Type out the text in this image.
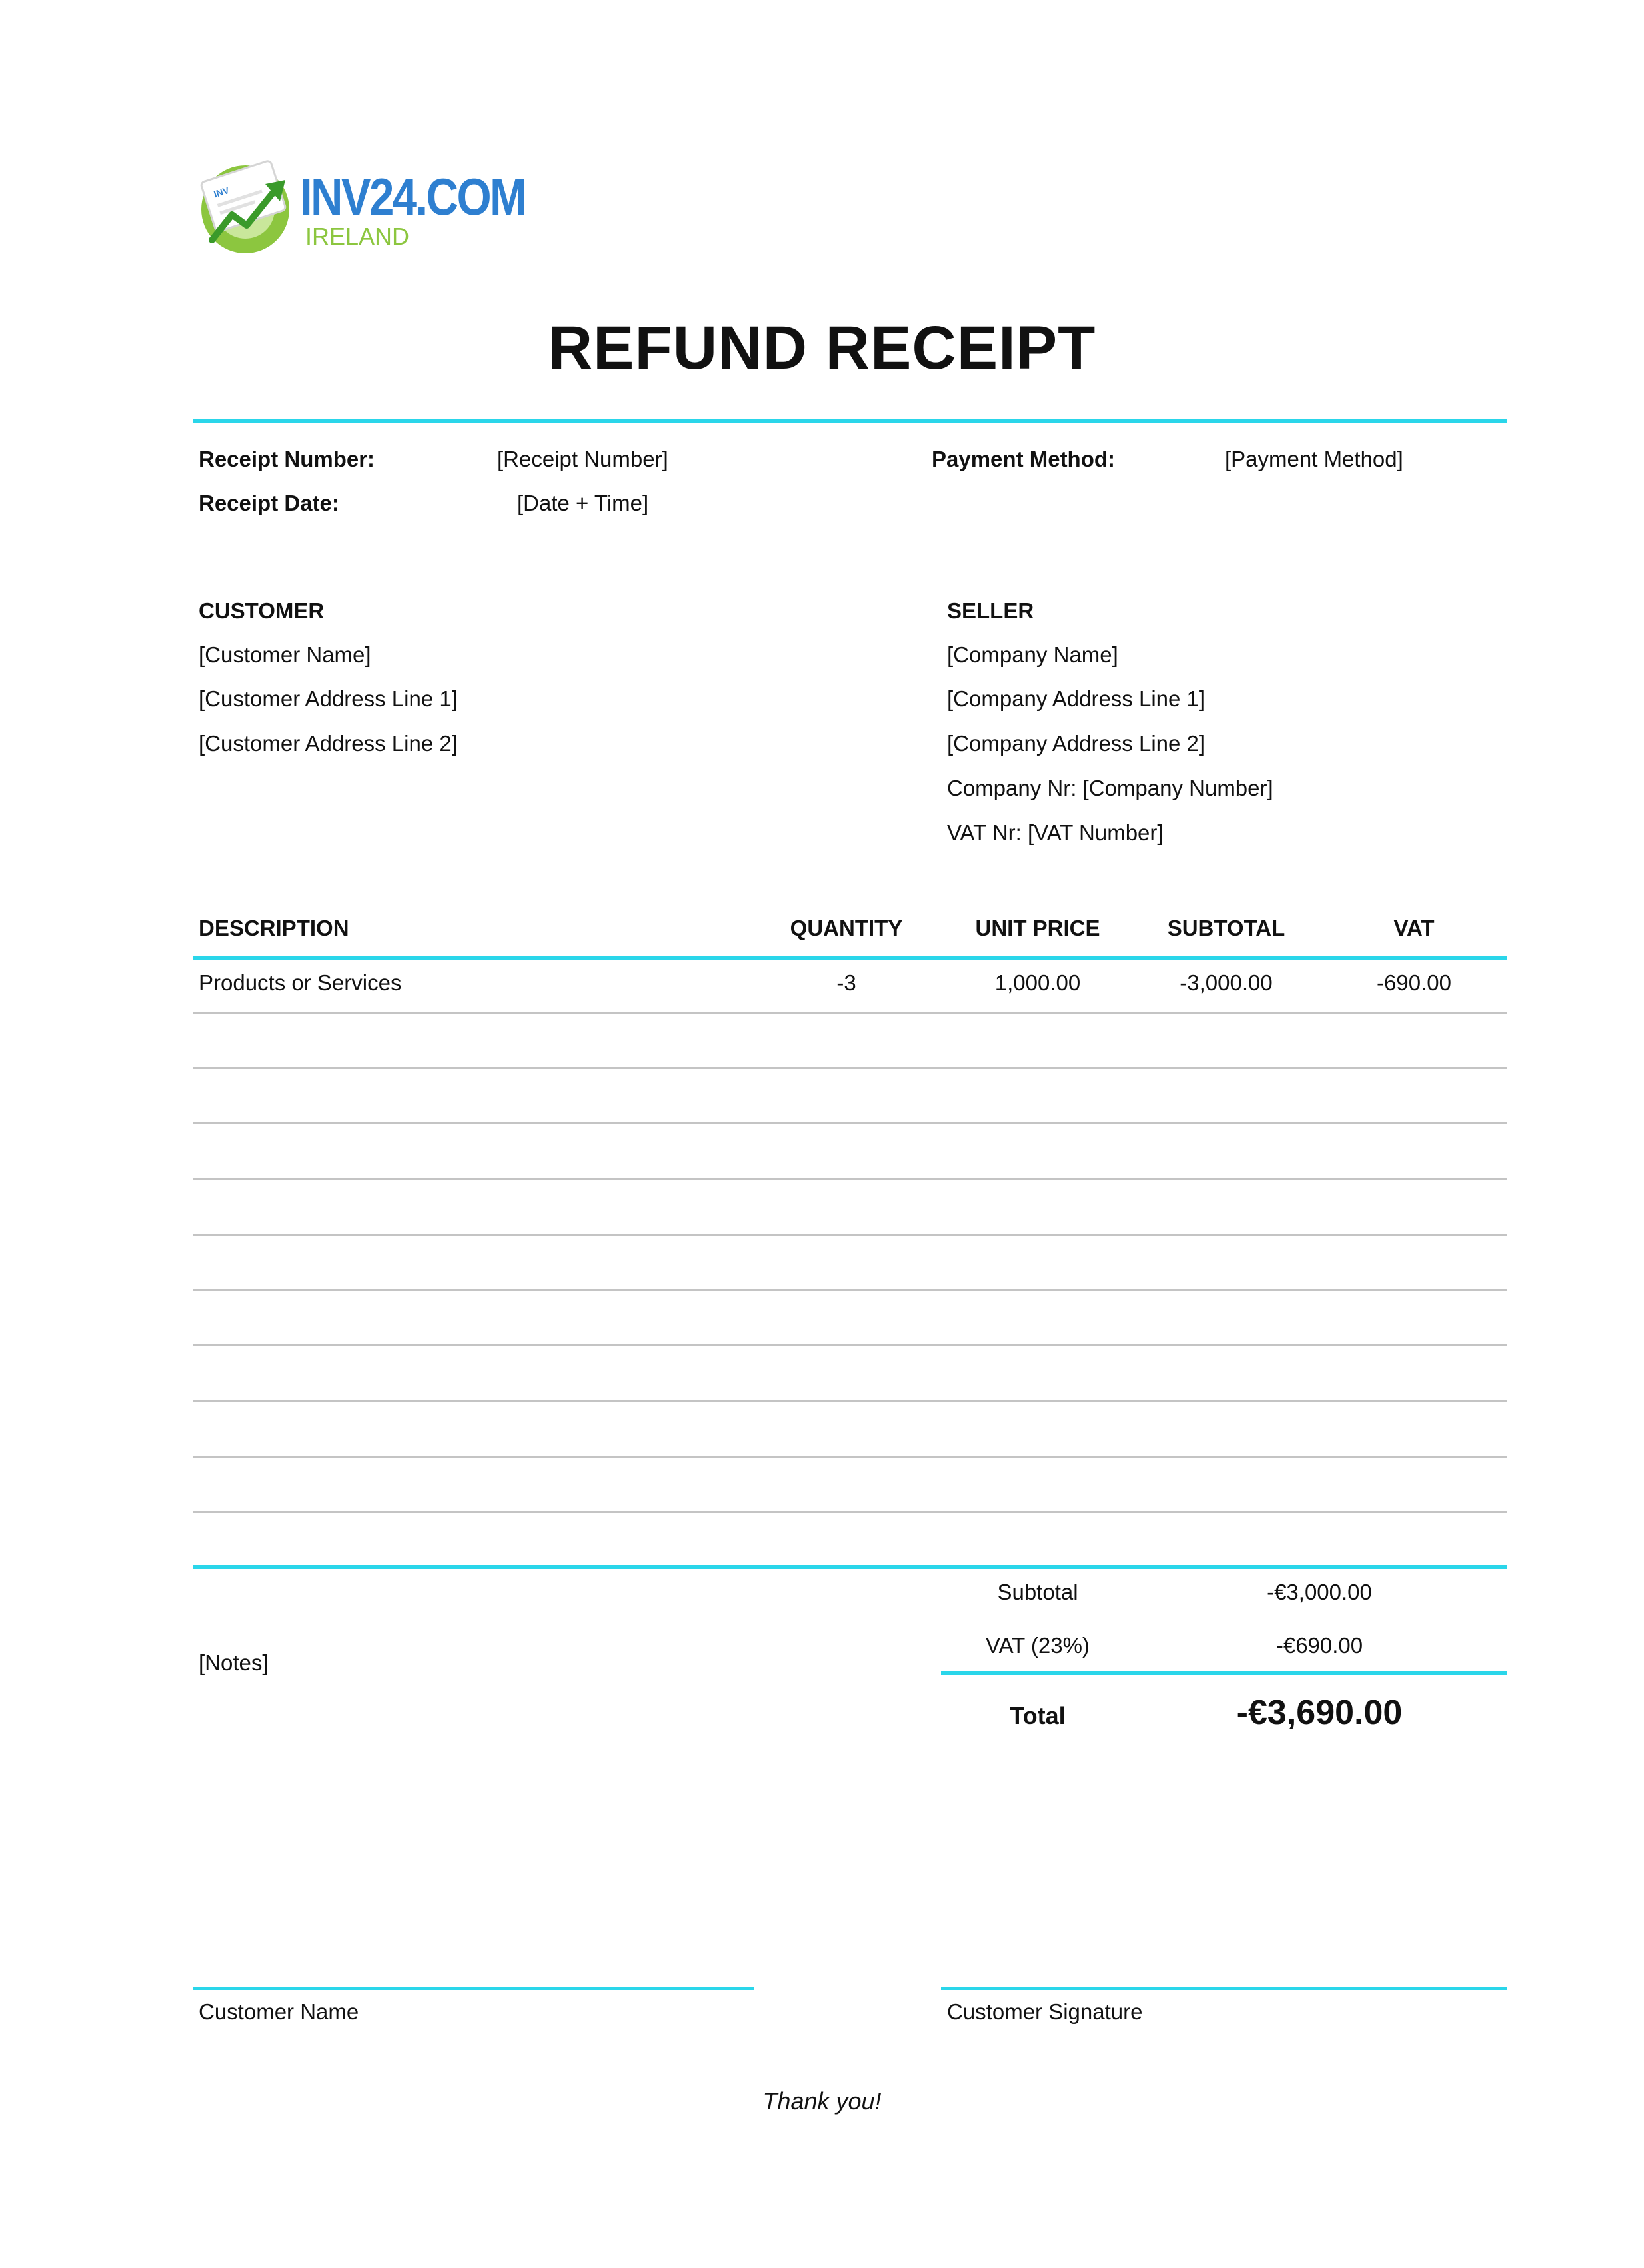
INV INV24.COM
IRELAND
REFUND RECEIPT
Receipt Number:	[Receipt Number]
Receipt Date:	[Date + Time]
Payment Method:	[Payment Method]
CUSTOMER
[Customer Name]
[Customer Address Line 1]
[Customer Address Line 2]
SELLER
[Company Name]
[Company Address Line 1]
[Company Address Line 2]
Company Nr: [Company Number]
VAT Nr: [VAT Number]
DESCRIPTION	QUANTITY	UNIT PRICE	SUBTOTAL	VAT
Products or Services	-3	1,000.00	-3,000.00	-690.00
[Notes]
Subtotal	-€3,000.00
VAT (23%)	-€690.00
Total	-€3,690.00
Customer Name	Customer Signature
Thank you!
